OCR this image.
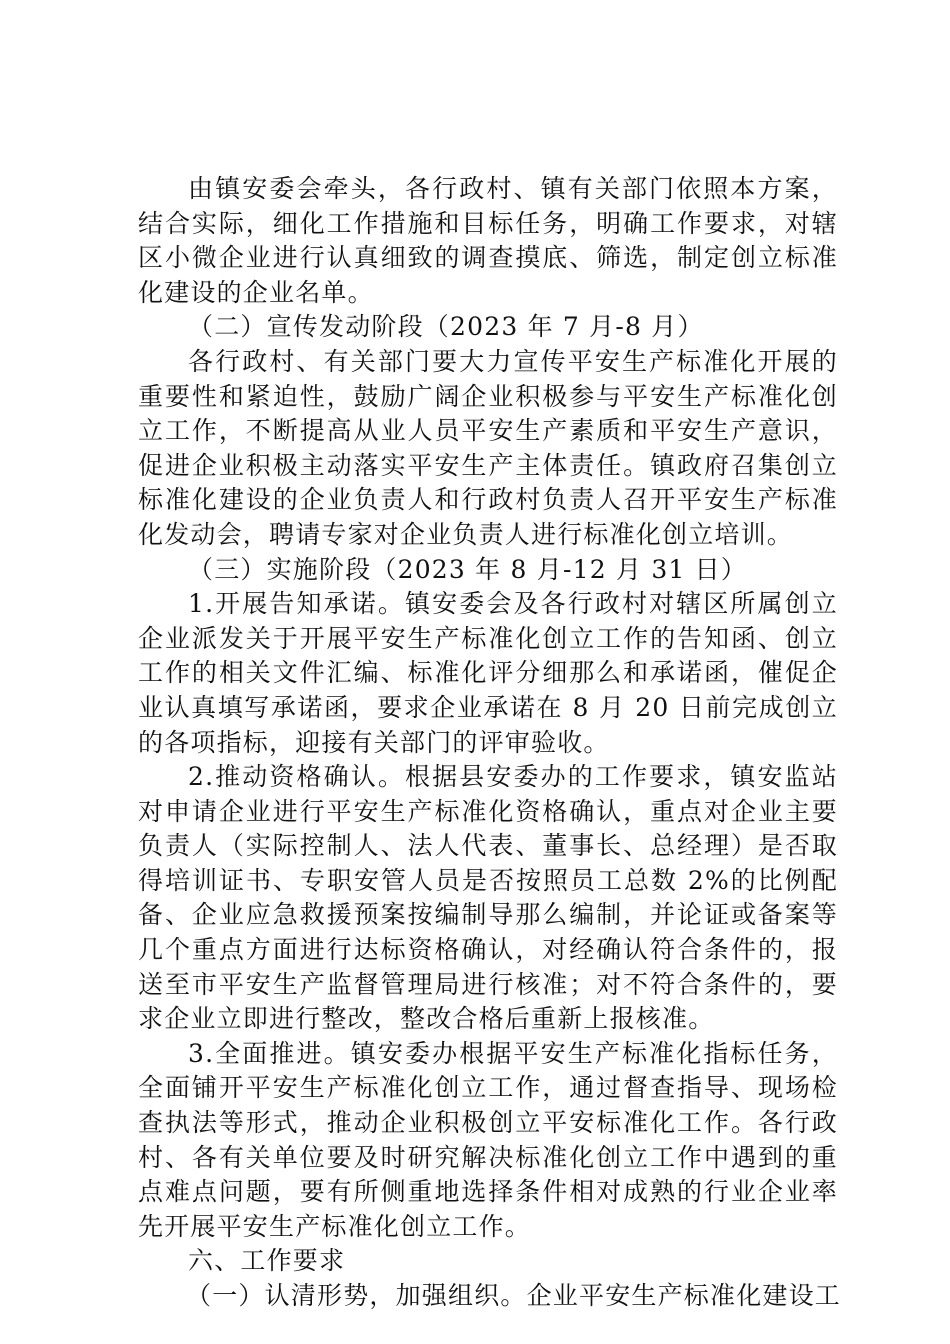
由镇安委会牵头，各行政村、镇有关部门依照本方案，结合实际，细化工作措施和目标任务，明确工作要求，对辖区小微企业进行认真细致的调查摸底、筛选，制定创立标准化建设的企业名单。

（二）宣传发动阶段（2023 年 7 月-8 月）

各行政村、有关部门要大力宣传平安生产标准化开展的重要性和紧迫性，鼓励广阔企业积极参与平安生产标准化创立工作，不断提高从业人员平安生产素质和平安生产意识，促进企业积极主动落实平安生产主体责任。镇政府召集创立标准化建设的企业负责人和行政村负责人召开平安生产标准化发动会，聘请专家对企业负责人进行标准化创立培训。

（三）实施阶段（2023 年 8 月-12 月 31 日）

1.开展告知承诺。镇安委会及各行政村对辖区所属创立企业派发关于开展平安生产标准化创立工作的告知函、创立工作的相关文件汇编、标准化评分细那么和承诺函，催促企业认真填写承诺函，要求企业承诺在 8 月 20 日前完成创立的各项指标，迎接有关部门的评审验收。

2.推动资格确认。根据县安委办的工作要求，镇安监站对申请企业进行平安生产标准化资格确认，重点对企业主要负责人（实际控制人、法人代表、董事长、总经理）是否取得培训证书、专职安管人员是否按照员工总数 2%的比例配备、企业应急救援预案按编制导那么编制，并论证或备案等几个重点方面进行达标资格确认，对经确认符合条件的，报送至市平安生产监督管理局进行核准；对不符合条件的，要求企业立即进行整改，整改合格后重新上报核准。

3.全面推进。镇安委办根据平安生产标准化指标任务，全面铺开平安生产标准化创立工作，通过督查指导、现场检查执法等形式，推动企业积极创立平安标准化工作。各行政村、各有关单位要及时研究解决标准化创立工作中遇到的重点难点问题，要有所侧重地选择条件相对成熟的行业企业率先开展平安生产标准化创立工作。

六、工作要求

（一）认清形势，加强组织。企业平安生产标准化建设工
